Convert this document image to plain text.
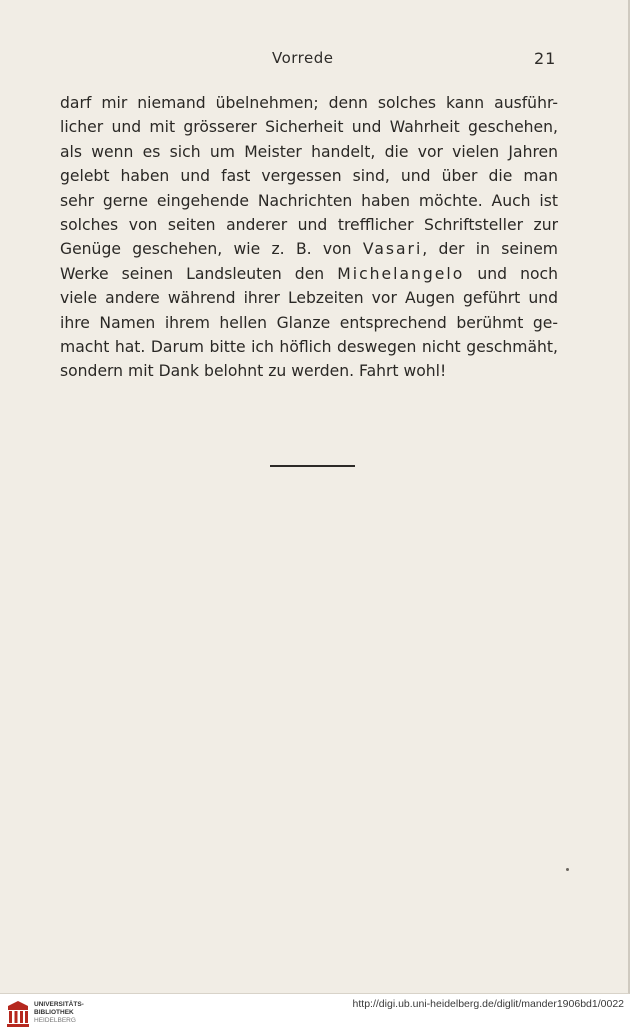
Vorrede	21
darf mir niemand übelnehmen; denn solches kann ausführ-
licher und mit grösserer Sicherheit und Wahrheit geschehen,
als wenn es sich um Meister handelt, die vor vielen Jahren
gelebt haben und fast vergessen sind, und über die man
sehr gerne eingehende Nachrichten haben möchte. Auch ist
solches von seiten anderer und trefflicher Schriftsteller zur
Genüge geschehen, wie z. B. von Vasari, der in seinem
Werke seinen Landsleuten den Michelangelo und noch
viele andere während ihrer Lebzeiten vor Augen geführt und
ihre Namen ihrem hellen Glanze entsprechend berühmt ge-
macht hat. Darum bitte ich höflich deswegen nicht geschmäht,
sondern mit Dank belohnt zu werden. Fahrt wohl!
UNIVERSITÄTS-
BIBLIOTHEK
HEIDELBERG
http://digi.ub.uni-heidelberg.de/diglit/mander1906bd1/0022
